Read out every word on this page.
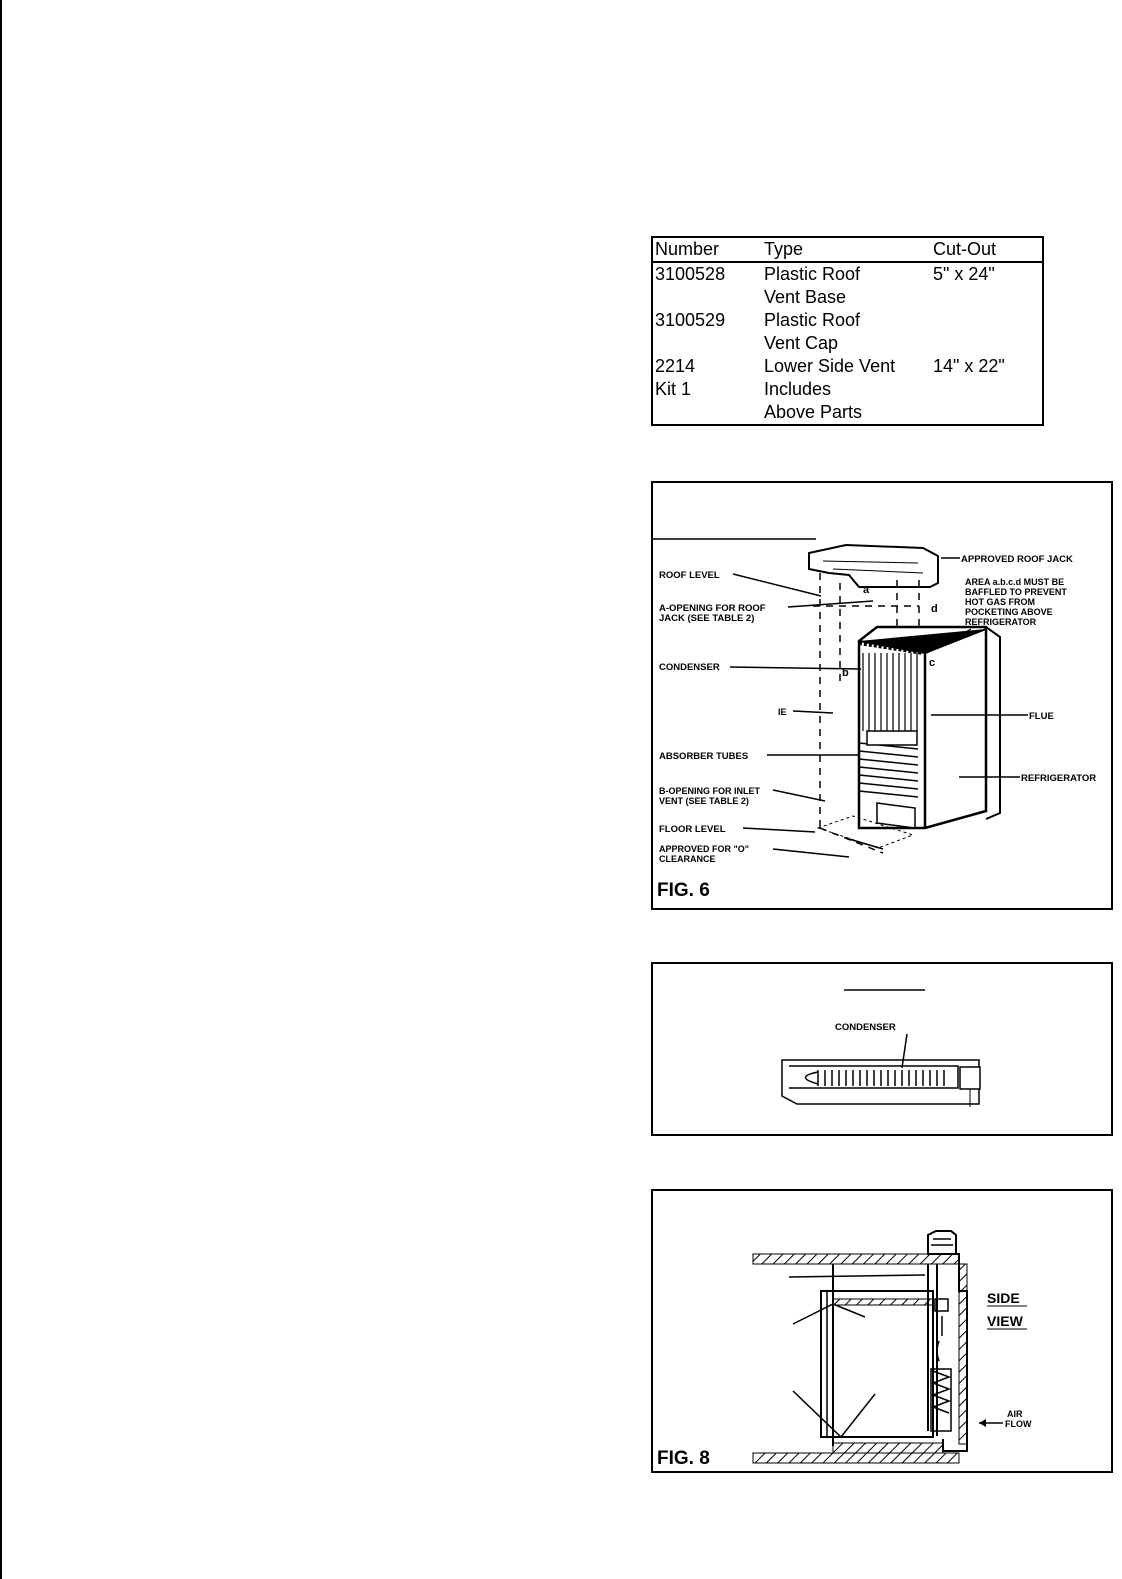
Number	Type	Cut-Out
3100528	Plastic Roof	5" x 24"
	Vent Base	
3100529	Plastic Roof	
	Vent Cap	
2214	Lower Side Vent	14" x 22"
Kit 1	Includes	
	Above Parts	
a
b
c
d
APPROVED ROOF JACK
AREA a.b.c.d MUST BE
BAFFLED TO PREVENT
HOT GAS FROM
POCKETING ABOVE
REFRIGERATOR
ROOF LEVEL
A-OPENING FOR ROOF
JACK (SEE TABLE 2)
CONDENSER
IE	FLUE
ABSORBER TUBES
REFRIGERATOR
B-OPENING FOR INLET
VENT (SEE TABLE 2)
FLOOR LEVEL
APPROVED FOR "O"
CLEARANCE
FIG. 6
CONDENSER
SIDE
VIEW
AIR
FLOW
FIG. 8
